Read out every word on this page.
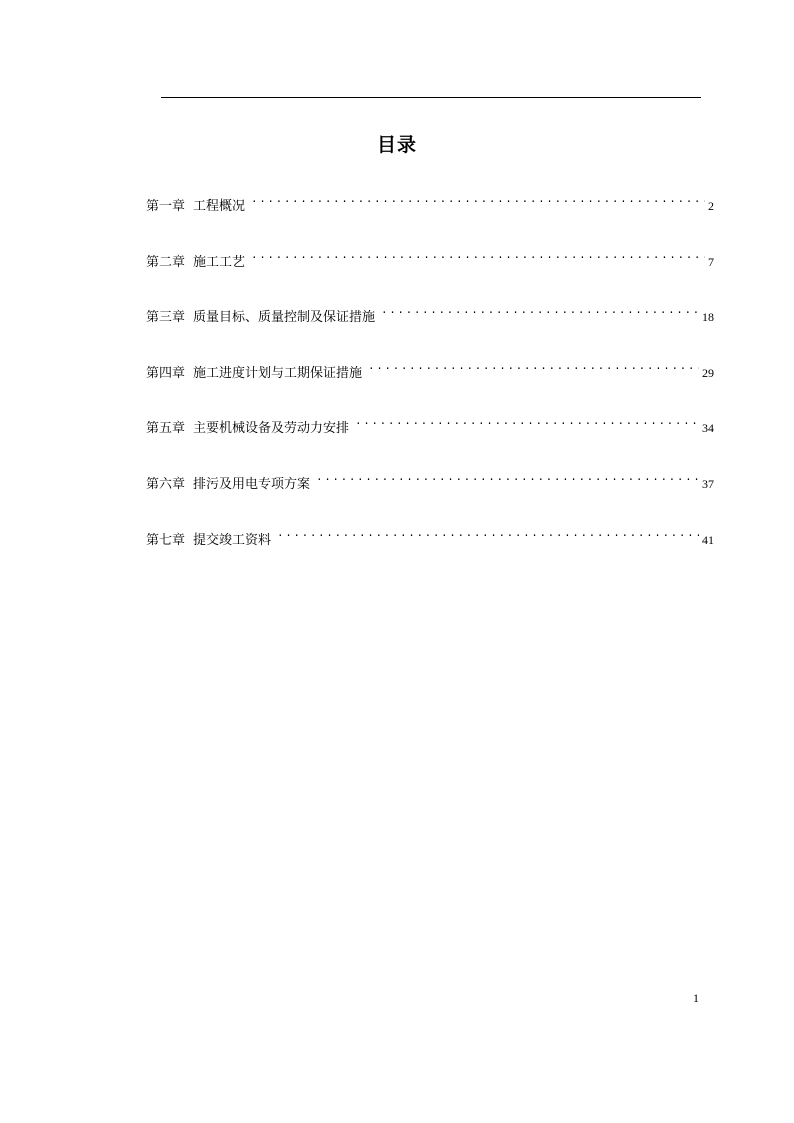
目录
第一章 工程概况 .....	2
第二章 施工工艺 .....	7
第三章 质量目标、质量控制及保证措施 .....	18
第四章 施工进度计划与工期保证措施 .....	29
第五章 主要机械设备及劳动力安排 .....	34
第六章 排污及用电专项方案 .....	37
第七章 提交竣工资料 .....	41
1
